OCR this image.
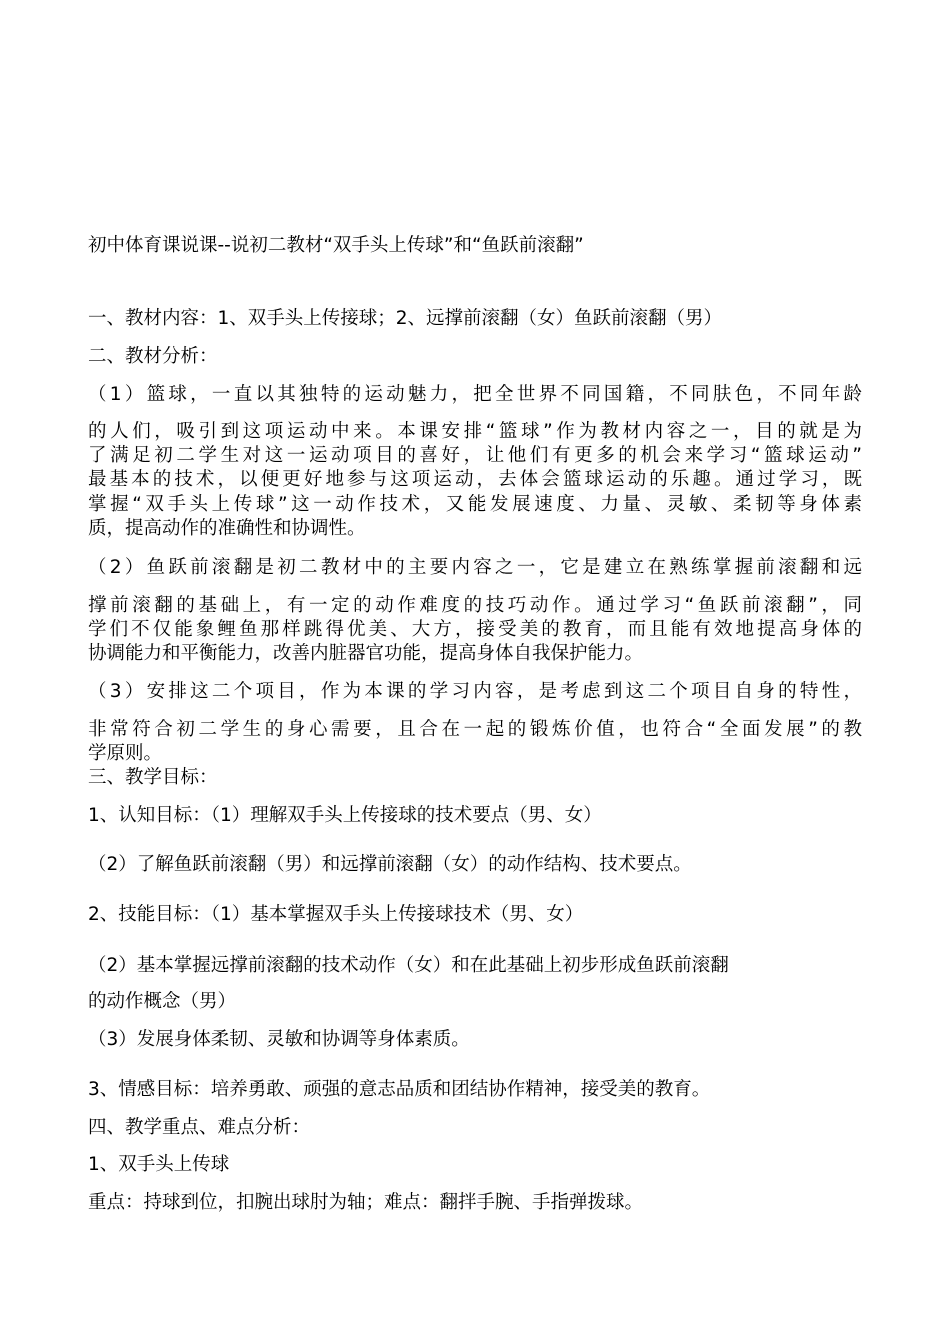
初中体育课说课--说初二教材“双手头上传球”和“鱼跃前滚翻”
一、教材内容：1、双手头上传接球；2、远撑前滚翻（女）鱼跃前滚翻（男）
二、教材分析：
（1）篮球，一直以其独特的运动魅力，把全世界不同国籍，不同肤色，不同年龄
的人们，吸引到这项运动中来。本课安排“篮球”作为教材内容之一，目的就是为
了满足初二学生对这一运动项目的喜好，让他们有更多的机会来学习“篮球运动”
最基本的技术，以便更好地参与这项运动，去体会篮球运动的乐趣。通过学习，既
掌握“双手头上传球”这一动作技术，又能发展速度、力量、灵敏、柔韧等身体素
质，提高动作的准确性和协调性。
（2）鱼跃前滚翻是初二教材中的主要内容之一，它是建立在熟练掌握前滚翻和远
撑前滚翻的基础上，有一定的动作难度的技巧动作。通过学习“鱼跃前滚翻”，同
学们不仅能象鲤鱼那样跳得优美、大方，接受美的教育，而且能有效地提高身体的
协调能力和平衡能力，改善内脏器官功能，提高身体自我保护能力。
（3）安排这二个项目，作为本课的学习内容，是考虑到这二个项目自身的特性，
非常符合初二学生的身心需要，且合在一起的锻炼价值，也符合“全面发展”的教
学原则。
三、教学目标：
1、认知目标：（1）理解双手头上传接球的技术要点（男、女）
（2）了解鱼跃前滚翻（男）和远撑前滚翻（女）的动作结构、技术要点。
2、技能目标：（1）基本掌握双手头上传接球技术（男、女）
（2）基本掌握远撑前滚翻的技术动作（女）和在此基础上初步形成鱼跃前滚翻
的动作概念（男）
（3）发展身体柔韧、灵敏和协调等身体素质。
3、情感目标：培养勇敢、顽强的意志品质和团结协作精神，接受美的教育。
四、教学重点、难点分析：
1、双手头上传球
重点：持球到位，扣腕出球肘为轴；难点：翻拌手腕、手指弹拨球。
